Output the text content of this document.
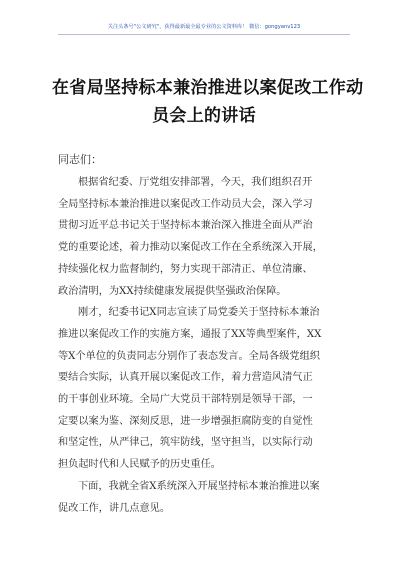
关注头条号"公文研究"，获得最新最全最专业的公文资料库！ 微信：gongyanv123
在省局坚持标本兼治推进以案促改工作动
员会上的讲话
同志们：
根据省纪委、厅党组安排部署，今天，我们组织召开
全局坚持标本兼治推进以案促改工作动员大会，深入学习
贯彻习近平总书记关于坚持标本兼治深入推进全面从严治
党的重要论述，着力推动以案促改工作在全系统深入开展，
持续强化权力监督制约，努力实现干部清正、单位清廉、
政治清明，为XX持续健康发展提供坚强政治保障。
刚才，纪委书记X同志宣读了局党委关于坚持标本兼治
推进以案促改工作的实施方案，通报了XX等典型案件，XX
等X个单位的负责同志分别作了表态发言。全局各级党组织
要结合实际，认真开展以案促改工作，着力营造风清气正
的干事创业环境。全局广大党员干部特别是领导干部，一
定要以案为鉴、深刻反思，进一步增强拒腐防变的自觉性
和坚定性，从严律己，筑牢防线，坚守担当，以实际行动
担负起时代和人民赋予的历史重任。
下面，我就全省X系统深入开展坚持标本兼治推进以案
促改工作，讲几点意见。
